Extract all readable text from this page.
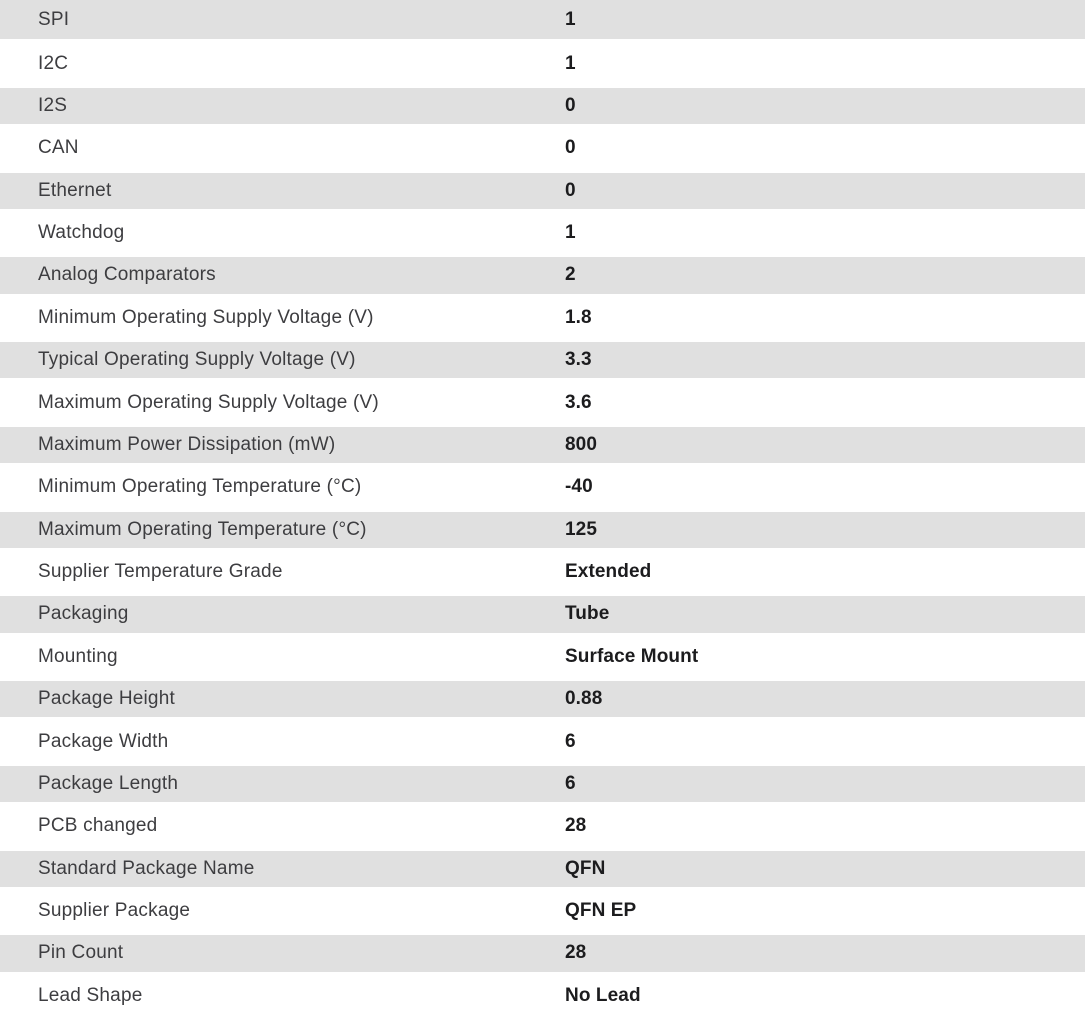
SPI	1
I2C	1
I2S	0
CAN	0
Ethernet	0
Watchdog	1
Analog Comparators	2
Minimum Operating Supply Voltage (V)	1.8
Typical Operating Supply Voltage (V)	3.3
Maximum Operating Supply Voltage (V)	3.6
Maximum Power Dissipation (mW)	800
Minimum Operating Temperature (°C)	-40
Maximum Operating Temperature (°C)	125
Supplier Temperature Grade	Extended
Packaging	Tube
Mounting	Surface Mount
Package Height	0.88
Package Width	6
Package Length	6
PCB changed	28
Standard Package Name	QFN
Supplier Package	QFN EP
Pin Count	28
Lead Shape	No Lead
